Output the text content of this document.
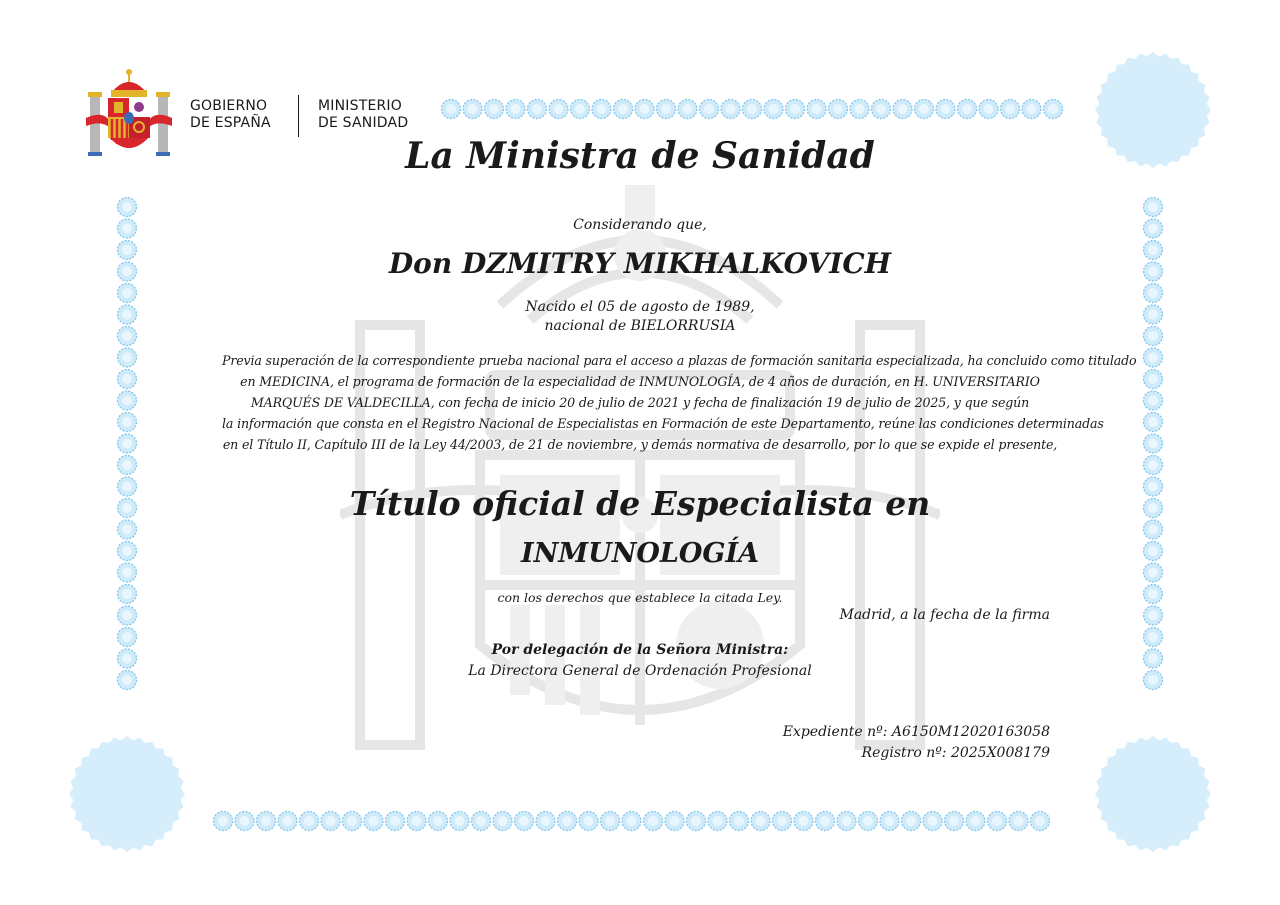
GOBIERNO
DE ESPAÑA
MINISTERIO
DE SANIDAD
La Ministra de Sanidad
Considerando que,
Don DZMITRY MIKHALKOVICH
Nacido el 05 de agosto de 1989,
nacional de BIELORRUSIA
Previa superación de la correspondiente prueba nacional para el acceso a plazas de formación sanitaria especializada, ha concluido como titulado
en MEDICINA, el programa de formación de la especialidad de INMUNOLOGÍA, de 4 años de duración, en H. UNIVERSITARIO
MARQUÉS DE VALDECILLA, con fecha de inicio 20 de julio de 2021 y fecha de finalización 19 de julio de 2025, y que según
la información que consta en el Registro Nacional de Especialistas en Formación de este Departamento, reúne las condiciones determinadas
en el Título II, Capítulo III de la Ley 44/2003, de 21 de noviembre, y demás normativa de desarrollo, por lo que se expide el presente,
Título oficial de Especialista en
INMUNOLOGÍA
con los derechos que establece la citada Ley.
Madrid, a la fecha de la firma
Por delegación de la Señora Ministra:
La Directora General de Ordenación Profesional
Expediente nº: A6150M12020163058
Registro nº: 2025X008179
